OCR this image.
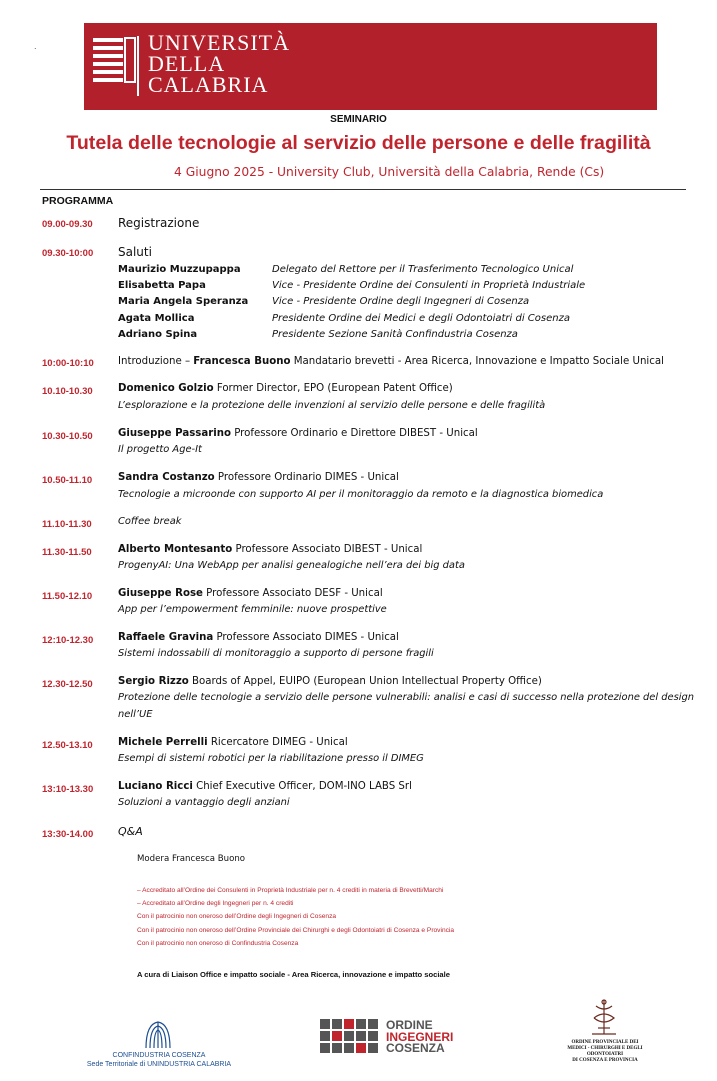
UNIVERSITÀ
DELLA
CALABRIA
.
SEMINARIO
Tutela delle tecnologie al servizio delle persone e delle fragilità
4 Giugno 2025 - University Club, Università della Calabria, Rende (Cs)
PROGRAMMA
09.00-09.30 Registrazione
09.30-10:00 Saluti
Maurizio Muzzupappa	Delegato del Rettore per il Trasferimento Tecnologico Unical
Elisabetta Papa	Vice - Presidente Ordine dei Consulenti in Proprietà Industriale
Maria Angela Speranza Vice - Presidente Ordine degli Ingegneri di Cosenza
Agata Mollica	Presidente Ordine dei Medici e degli Odontoiatri di Cosenza
Adriano Spina	Presidente Sezione Sanità Confindustria Cosenza
10:00-10:10 Introduzione – Francesca Buono Mandatario brevetti - Area Ricerca, Innovazione e Impatto Sociale Unical
10.10-10.30 Domenico Golzio Former Director, EPO (European Patent Office)
L’esplorazione e la protezione delle invenzioni al servizio delle persone e delle fragilità
10.30-10.50 Giuseppe Passarino Professore Ordinario e Direttore DIBEST - Unical
Il progetto Age-It
10.50-11.10	Sandra Costanzo Professore Ordinario DIMES - Unical
Tecnologie a microonde con supporto AI per il monitoraggio da remoto e la diagnostica biomedica
11.10-11.30	Coffee break
11.30-11.50	Alberto Montesanto Professore Associato DIBEST - Unical
ProgenyAI: Una WebApp per analisi genealogiche nell’era dei big data
11.50-12.10	Giuseppe Rose Professore Associato DESF - Unical
App per l’empowerment femminile: nuove prospettive
12:10-12.30 Raffaele Gravina Professore Associato DIMES - Unical
Sistemi indossabili di monitoraggio a supporto di persone fragili
12.30-12.50 Sergio Rizzo Boards of Appel, EUIPO (European Union Intellectual Property Office)
Protezione delle tecnologie a servizio delle persone vulnerabili: analisi e casi di successo nella protezione del design nell’UE
12.50-13.10 Michele Perrelli Ricercatore DIMEG - Unical
Esempi di sistemi robotici per la riabilitazione presso il DIMEG
13:10-13.30 Luciano Ricci Chief Executive Officer, DOM-INO LABS Srl
Soluzioni a vantaggio degli anziani
13:30-14.00 Q&A
Modera Francesca Buono
– Accreditato all’Ordine dei Consulenti in Proprietà Industriale per n. 4 crediti in materia di Brevetti/Marchi
– Accreditato all’Ordine degli Ingegneri per n. 4 crediti
Con il patrocinio non oneroso dell’Ordine degli Ingegneri di Cosenza
Con il patrocinio non oneroso dell’Ordine Provinciale dei Chirurghi e degli Odontoiatri di Cosenza e Provincia
Con il patrocinio non oneroso di Confindustria Cosenza
A cura di Liaison Office e impatto sociale - Area Ricerca, innovazione e impatto sociale
CONFINDUSTRIA COSENZA
Sede Territoriale di UNINDUSTRIA CALABRIA
ORDINE
INGEGNERI
COSENZA	ORDINE PROVINCIALE DEI
MEDICI - CHIRURGHI E DEGLI ODONTOIATRI
DI COSENZA E PROVINCIA
